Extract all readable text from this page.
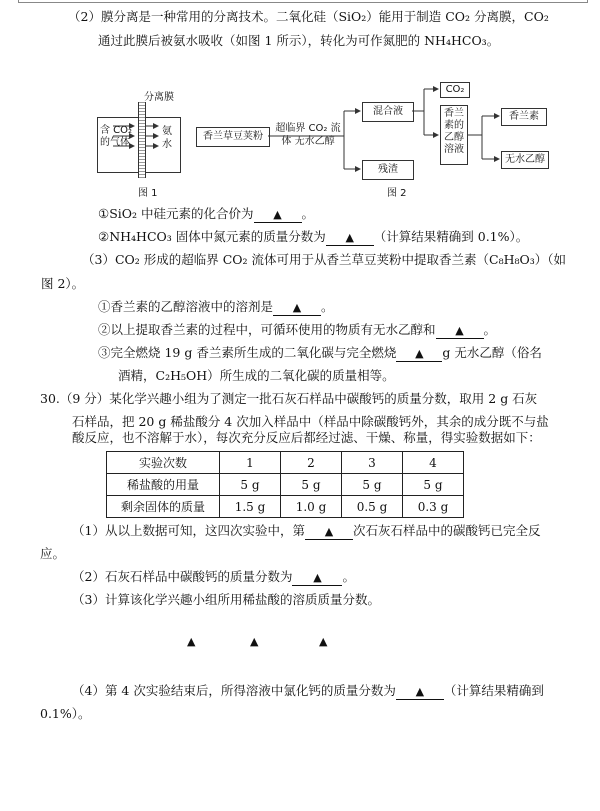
（2）膜分离是一种常用的分离技术。二氧化硅（SiO₂）能用于制造 CO₂ 分离膜，CO₂
通过此膜后被氨水吸收（如图 1 所示），转化为可作氮肥的 NH₄HCO₃。
分离膜
含 CO₂ 的气体
氨水
图 1
香兰草豆荚粉
超临界 CO₂ 流体 无水乙醇
混合液
残渣
CO₂
香兰素的乙醇溶液
香兰素
无水乙醇
图 2
①SiO₂ 中硅元素的化合价为 ▲ 。
②NH₄HCO₃ 固体中氮元素的质量分数为 ▲ （计算结果精确到 0.1%）。
（3）CO₂ 形成的超临界 CO₂ 流体可用于从香兰草豆荚粉中提取香兰素（C₈H₈O₃）（如
图 2）。
①香兰素的乙醇溶液中的溶剂是 ▲ 。
②以上提取香兰素的过程中，可循环使用的物质有无水乙醇和 ▲ 。
③完全燃烧 19 g 香兰素所生成的二氧化碳与完全燃烧 ▲ g 无水乙醇（俗名
酒精，C₂H₅OH）所生成的二氧化碳的质量相等。
30.（9 分）某化学兴趣小组为了测定一批石灰石样品中碳酸钙的质量分数，取用 2 g 石灰
石样品，把 20 g 稀盐酸分 4 次加入样品中（样品中除碳酸钙外，其余的成分既不与盐
酸反应，也不溶解于水），每次充分反应后都经过滤、干燥、称量，得实验数据如下：
实验次数	1	2	3	4
稀盐酸的用量	5 g	5 g	5 g	5 g
剩余固体的质量	1.5 g	1.0 g	0.5 g	0.3 g
（1）从以上数据可知，这四次实验中，第 ▲ 次石灰石样品中的碳酸钙已完全反
应。
（2）石灰石样品中碳酸钙的质量分数为 ▲ 。
（3）计算该化学兴趣小组所用稀盐酸的溶质质量分数。
▲	▲	▲
（4）第 4 次实验结束后，所得溶液中氯化钙的质量分数为 ▲ （计算结果精确到
0.1%）。
